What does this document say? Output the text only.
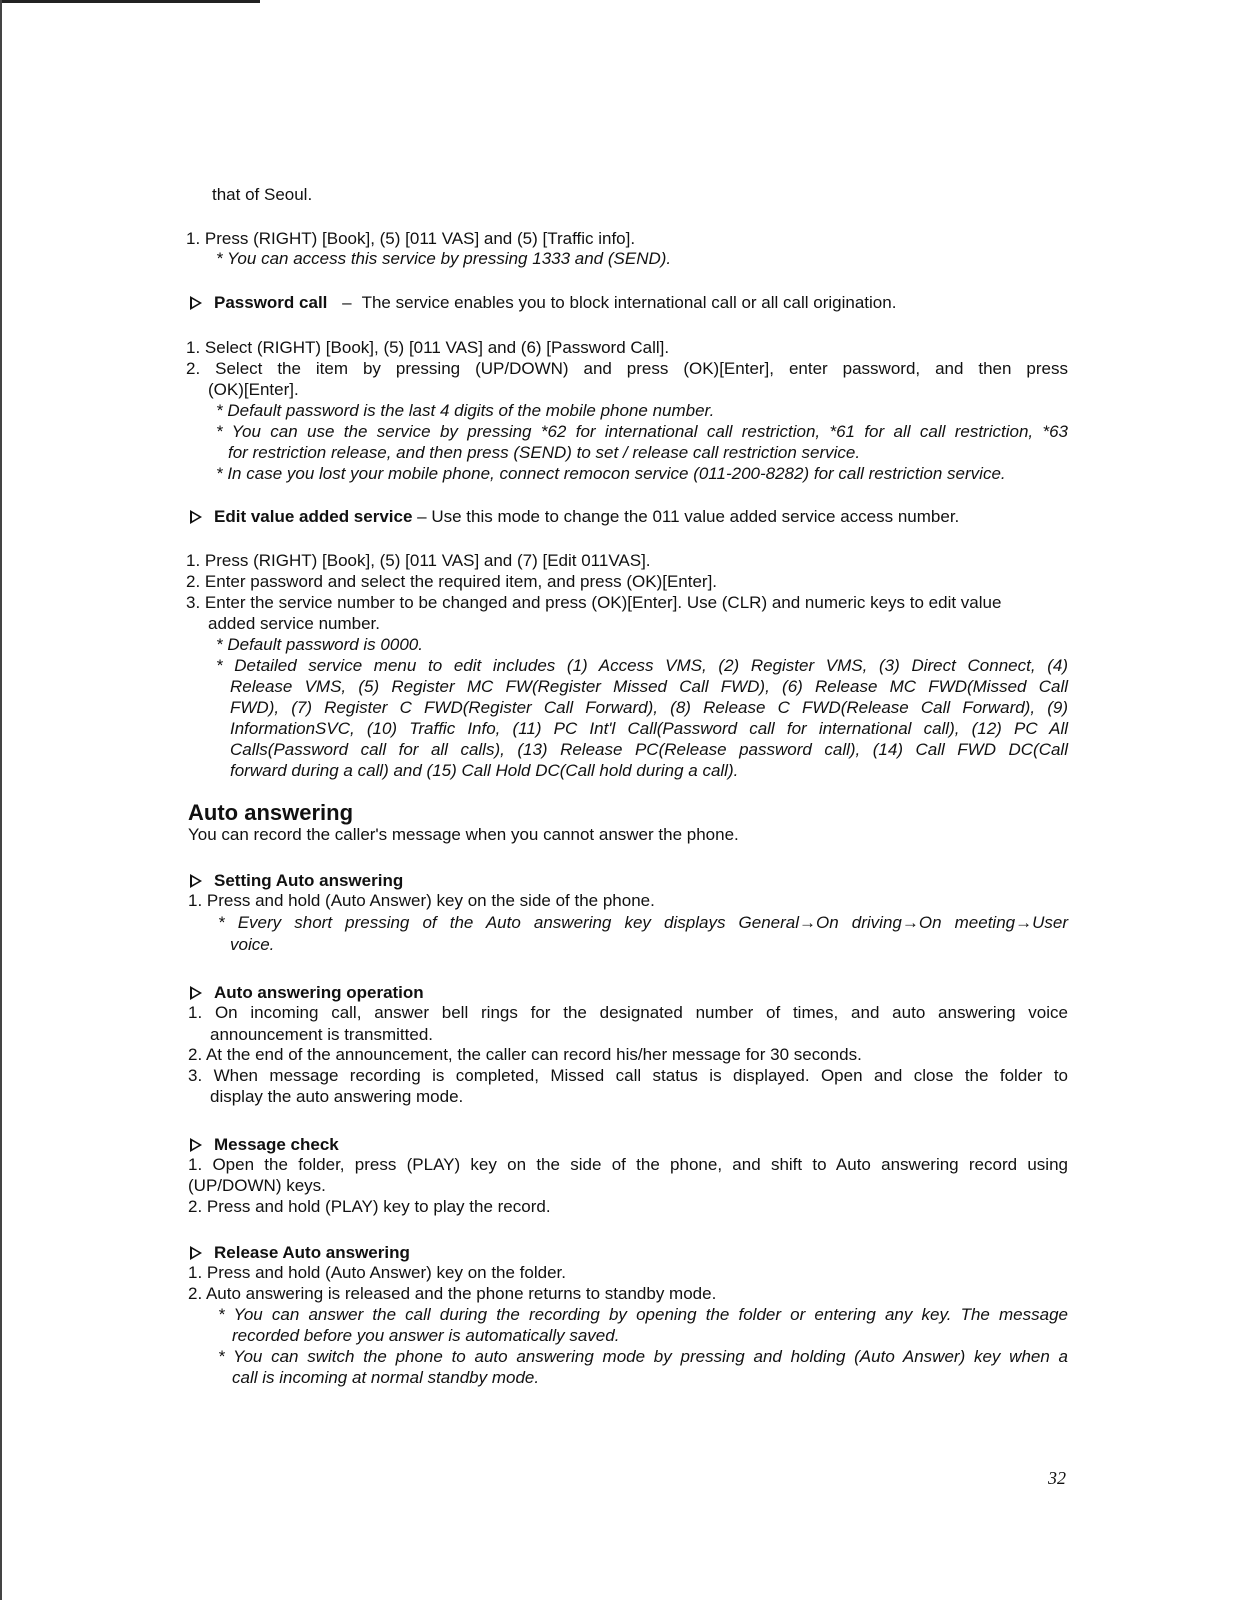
that of Seoul.
1. Press (RIGHT) [Book], (5) [011 VAS] and (5) [Traffic info].
* You can access this service by pressing 1333 and (SEND).
Password call – The service enables you to block international call or all call origination.
1. Select (RIGHT) [Book], (5) [011 VAS] and (6) [Password Call].
2. Select the item by pressing (UP/DOWN) and press (OK)[Enter], enter password, and then press
(OK)[Enter].
* Default password is the last 4 digits of the mobile phone number.
* You can use the service by pressing *62 for international call restriction, *61 for all call restriction, *63
for restriction release, and then press (SEND) to set / release call restriction service.
* In case you lost your mobile phone, connect remocon service (011-200-8282) for call restriction service.
Edit value added service – Use this mode to change the 011 value added service access number.
1. Press (RIGHT) [Book], (5) [011 VAS] and (7) [Edit 011VAS].
2. Enter password and select the required item, and press (OK)[Enter].
3. Enter the service number to be changed and press (OK)[Enter]. Use (CLR) and numeric keys to edit value
added service number.
* Default password is 0000.
* Detailed service menu to edit includes (1) Access VMS, (2) Register VMS, (3) Direct Connect, (4)
Release VMS, (5) Register MC FW(Register Missed Call FWD), (6) Release MC FWD(Missed Call
FWD), (7) Register C FWD(Register Call Forward), (8) Release C FWD(Release Call Forward), (9)
InformationSVC, (10) Traffic Info, (11) PC Int'l Call(Password call for international call), (12) PC All
Calls(Password call for all calls), (13) Release PC(Release password call), (14) Call FWD DC(Call
forward during a call) and (15) Call Hold DC(Call hold during a call).
Auto answering
You can record the caller's message when you cannot answer the phone.
Setting Auto answering
1. Press and hold (Auto Answer) key on the side of the phone.
* Every short pressing of the Auto answering key displays General→On driving→On meeting→User
voice.
Auto answering operation
1. On incoming call, answer bell rings for the designated number of times, and auto answering voice
announcement is transmitted.
2. At the end of the announcement, the caller can record his/her message for 30 seconds.
3. When message recording is completed, Missed call status is displayed. Open and close the folder to
display the auto answering mode.
Message check
1. Open the folder, press (PLAY) key on the side of the phone, and shift to Auto answering record using
(UP/DOWN) keys.
2. Press and hold (PLAY) key to play the record.
Release Auto answering
1. Press and hold (Auto Answer) key on the folder.
2. Auto answering is released and the phone returns to standby mode.
* You can answer the call during the recording by opening the folder or entering any key. The message
recorded before you answer is automatically saved.
* You can switch the phone to auto answering mode by pressing and holding (Auto Answer) key when a
call is incoming at normal standby mode.
32
